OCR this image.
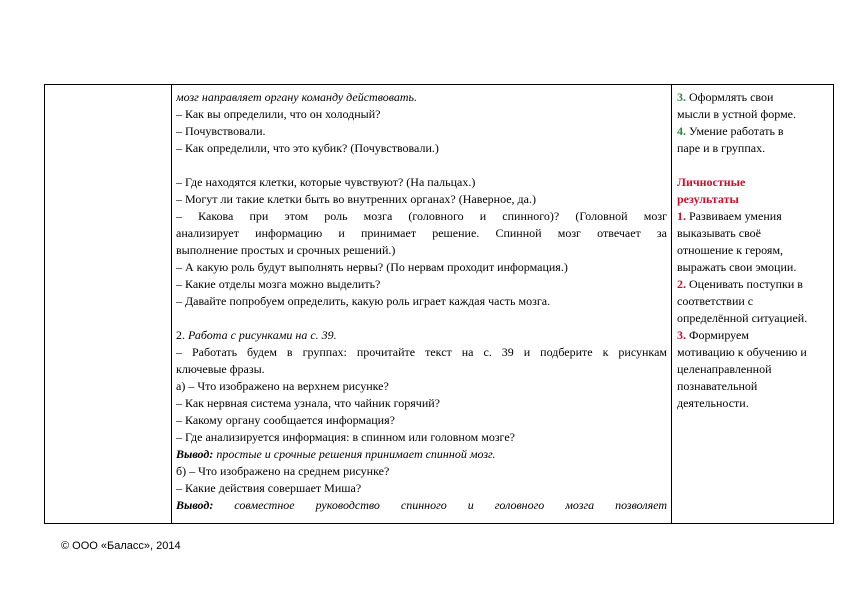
мозг направляет органу команду действовать.
– Как вы определили, что он холодный?
– Почувствовали.
– Как определили, что это кубик? (Почувствовали.)
– Где находятся клетки, которые чувствуют? (На пальцах.)
– Могут ли такие клетки быть во внутренних органах? (Наверное, да.)
– Какова при этом роль мозга (головного и спинного)? (Головной мозг
анализирует информацию и принимает решение. Спинной мозг отвечает за
выполнение простых и срочных решений.)
– А какую роль будут выполнять нервы? (По нервам проходит информация.)
– Какие отделы мозга можно выделить?
– Давайте попробуем определить, какую роль играет каждая часть мозга.
2. Работа с рисунками на с. 39.
– Работать будем в группах: прочитайте текст на с. 39 и подберите к рисункам
ключевые фразы.
а) – Что изображено на верхнем рисунке?
– Как нервная система узнала, что чайник горячий?
– Какому органу сообщается информация?
– Где анализируется информация: в спинном или головном мозге?
Вывод: простые и срочные решения принимает спинной мозг.
б) – Что изображено на среднем рисунке?
– Какие действия совершает Миша?
Вывод: совместное руководство спинного и головного мозга позволяет
3. Оформлять свои
мысли в устной форме.
4. Умение работать в
паре и в группах.
Личностные
результаты
1. Развиваем умения
выказывать своё
отношение к героям,
выражать свои эмоции.
2. Оценивать поступки в
соответствии с
определённой ситуацией.
3. Формируем
мотивацию к обучению и
целенаправленной
познавательной
деятельности.
© ООО «Баласс», 2014
